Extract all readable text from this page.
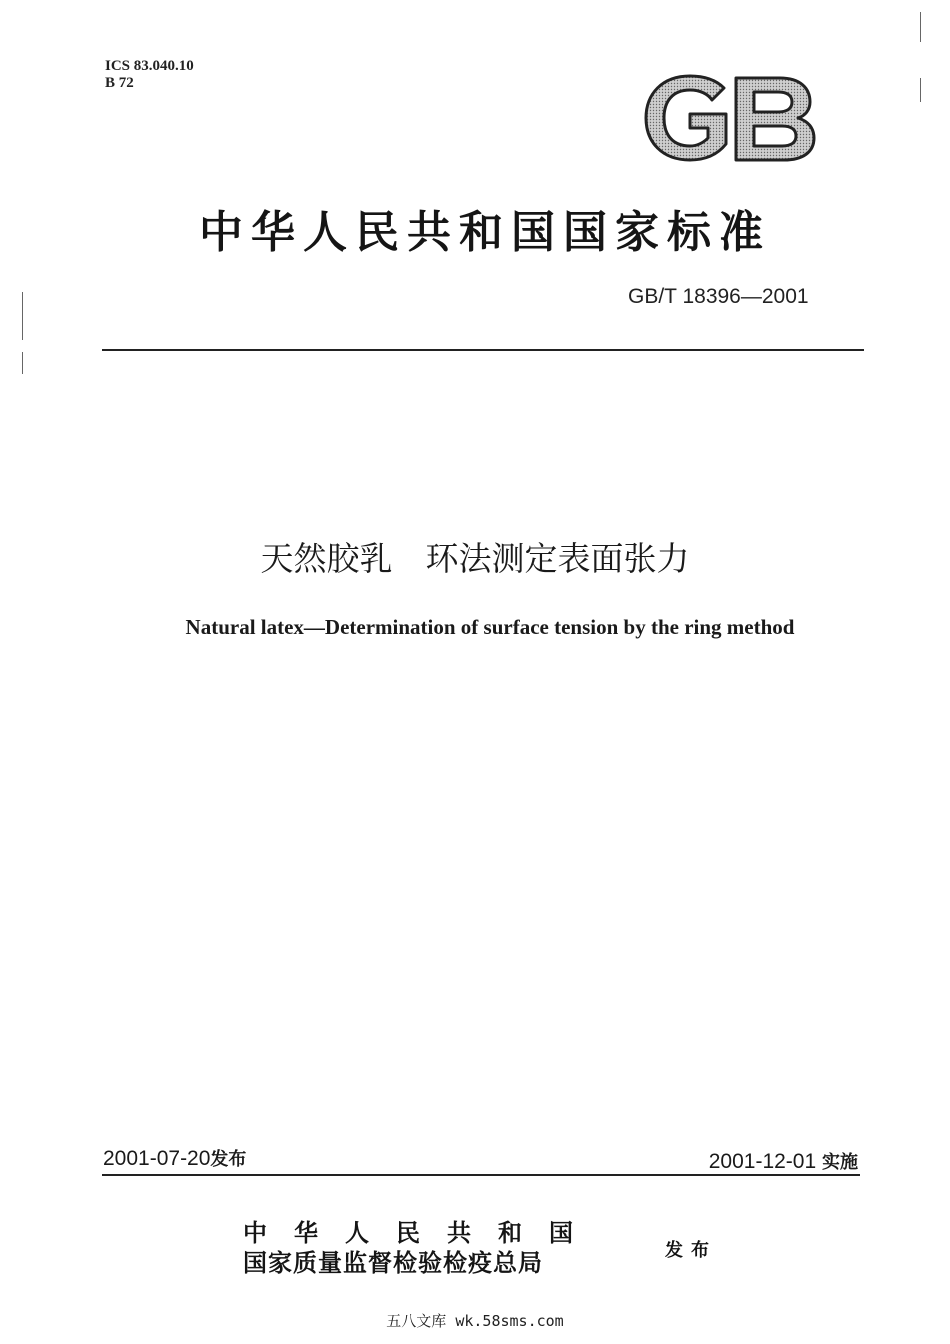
ICS 83.040.10
B 72
中华人民共和国国家标准
GB/T 18396—2001
天然胶乳　环法测定表面张力
Natural latex—Determination of surface tension by the ring method
2001-07-20发布	2001-12-01 实施
中华人民共和国
国家质量监督检验检疫总局	发布
五八文库 wk.58sms.com
